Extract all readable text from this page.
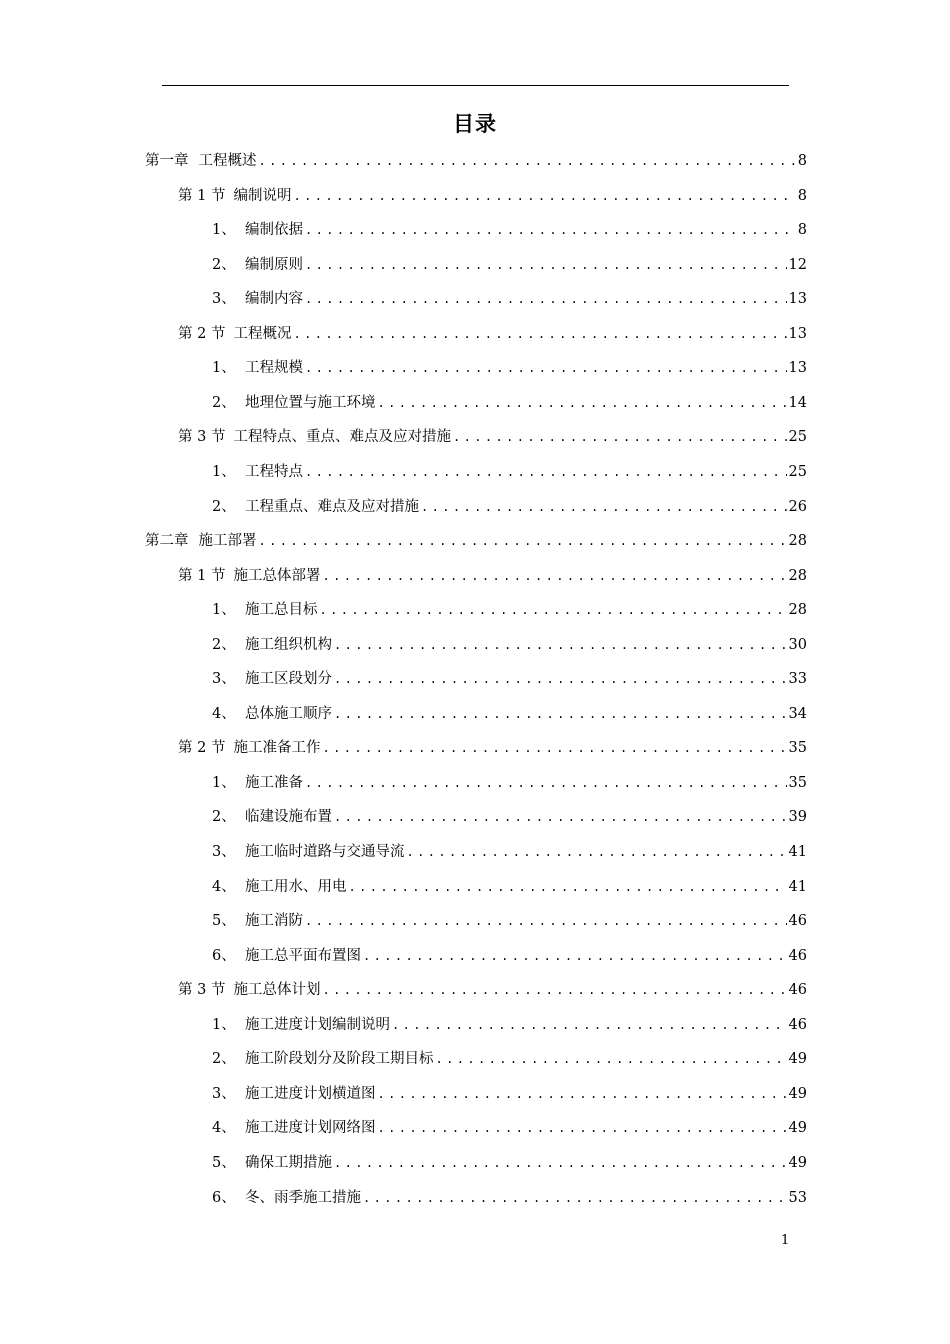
目录
第一章 工程概述 .....	8
第 1 节 编制说明 .....	8
1、 编制依据 .....	8
2、 编制原则 .....	12
3、 编制内容 .....	13
第 2 节 工程概况 .....	13
1、 工程规模 .....	13
2、 地理位置与施工环境 .....	14
第 3 节 工程特点、重点、难点及应对措施 .....	25
1、 工程特点 .....	25
2、 工程重点、难点及应对措施 .....	26
第二章 施工部署 .....	28
第 1 节 施工总体部署 .....	28
1、 施工总目标 .....	28
2、 施工组织机构 .....	30
3、 施工区段划分 .....	33
4、 总体施工顺序 .....	34
第 2 节 施工准备工作 .....	35
1、 施工准备 .....	35
2、 临建设施布置 .....	39
3、 施工临时道路与交通导流 .....	41
4、 施工用水、用电 .....	41
5、 施工消防 .....	46
6、 施工总平面布置图 .....	46
第 3 节 施工总体计划 .....	46
1、 施工进度计划编制说明 .....	46
2、 施工阶段划分及阶段工期目标 .....	49
3、 施工进度计划横道图 .....	49
4、 施工进度计划网络图 .....	49
5、 确保工期措施 .....	49
6、 冬、雨季施工措施 .....	53
1
